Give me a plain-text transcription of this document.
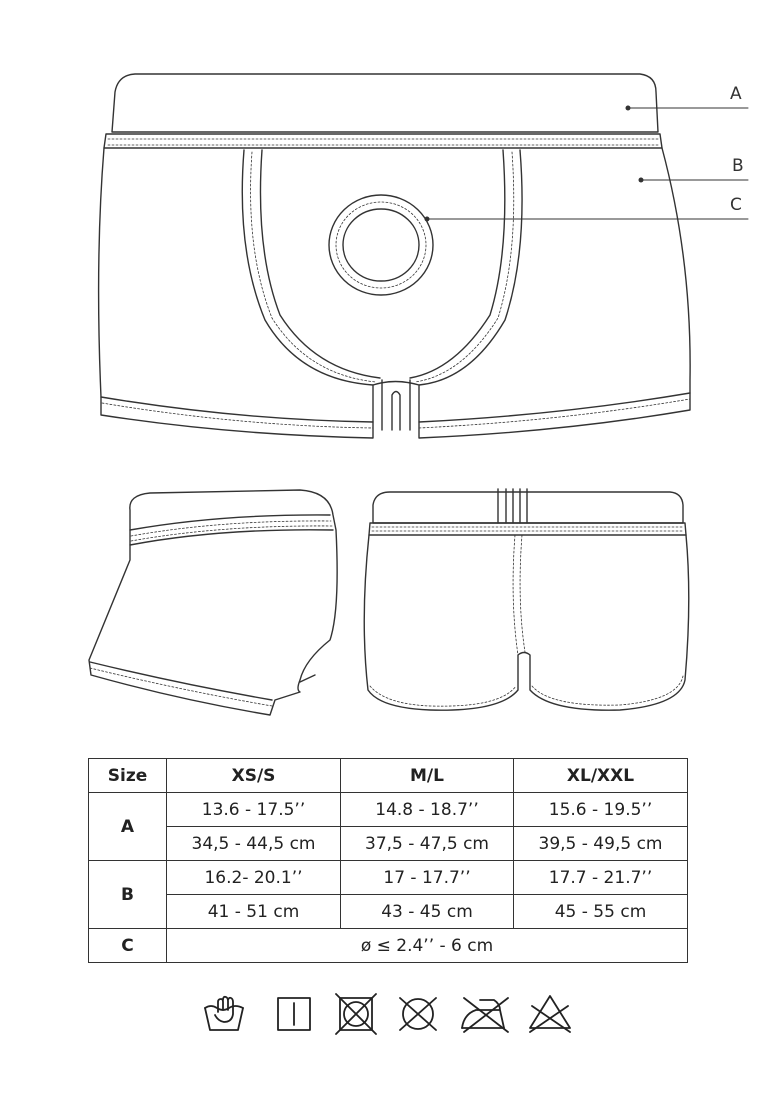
A
B
C
Size	XS/S	M/L	XL/XXL
A	13.6 - 17.5’’	14.8 - 18.7’’	15.6 - 19.5’’
	34,5 - 44,5 cm	37,5 - 47,5 cm	39,5 - 49,5 cm
B	16.2- 20.1’’	17 - 17.7’’	17.7 - 21.7’’
	41 - 51 cm	43 - 45 cm	45 - 55 cm
C	ø ≤ 2.4’’ - 6 cm		
